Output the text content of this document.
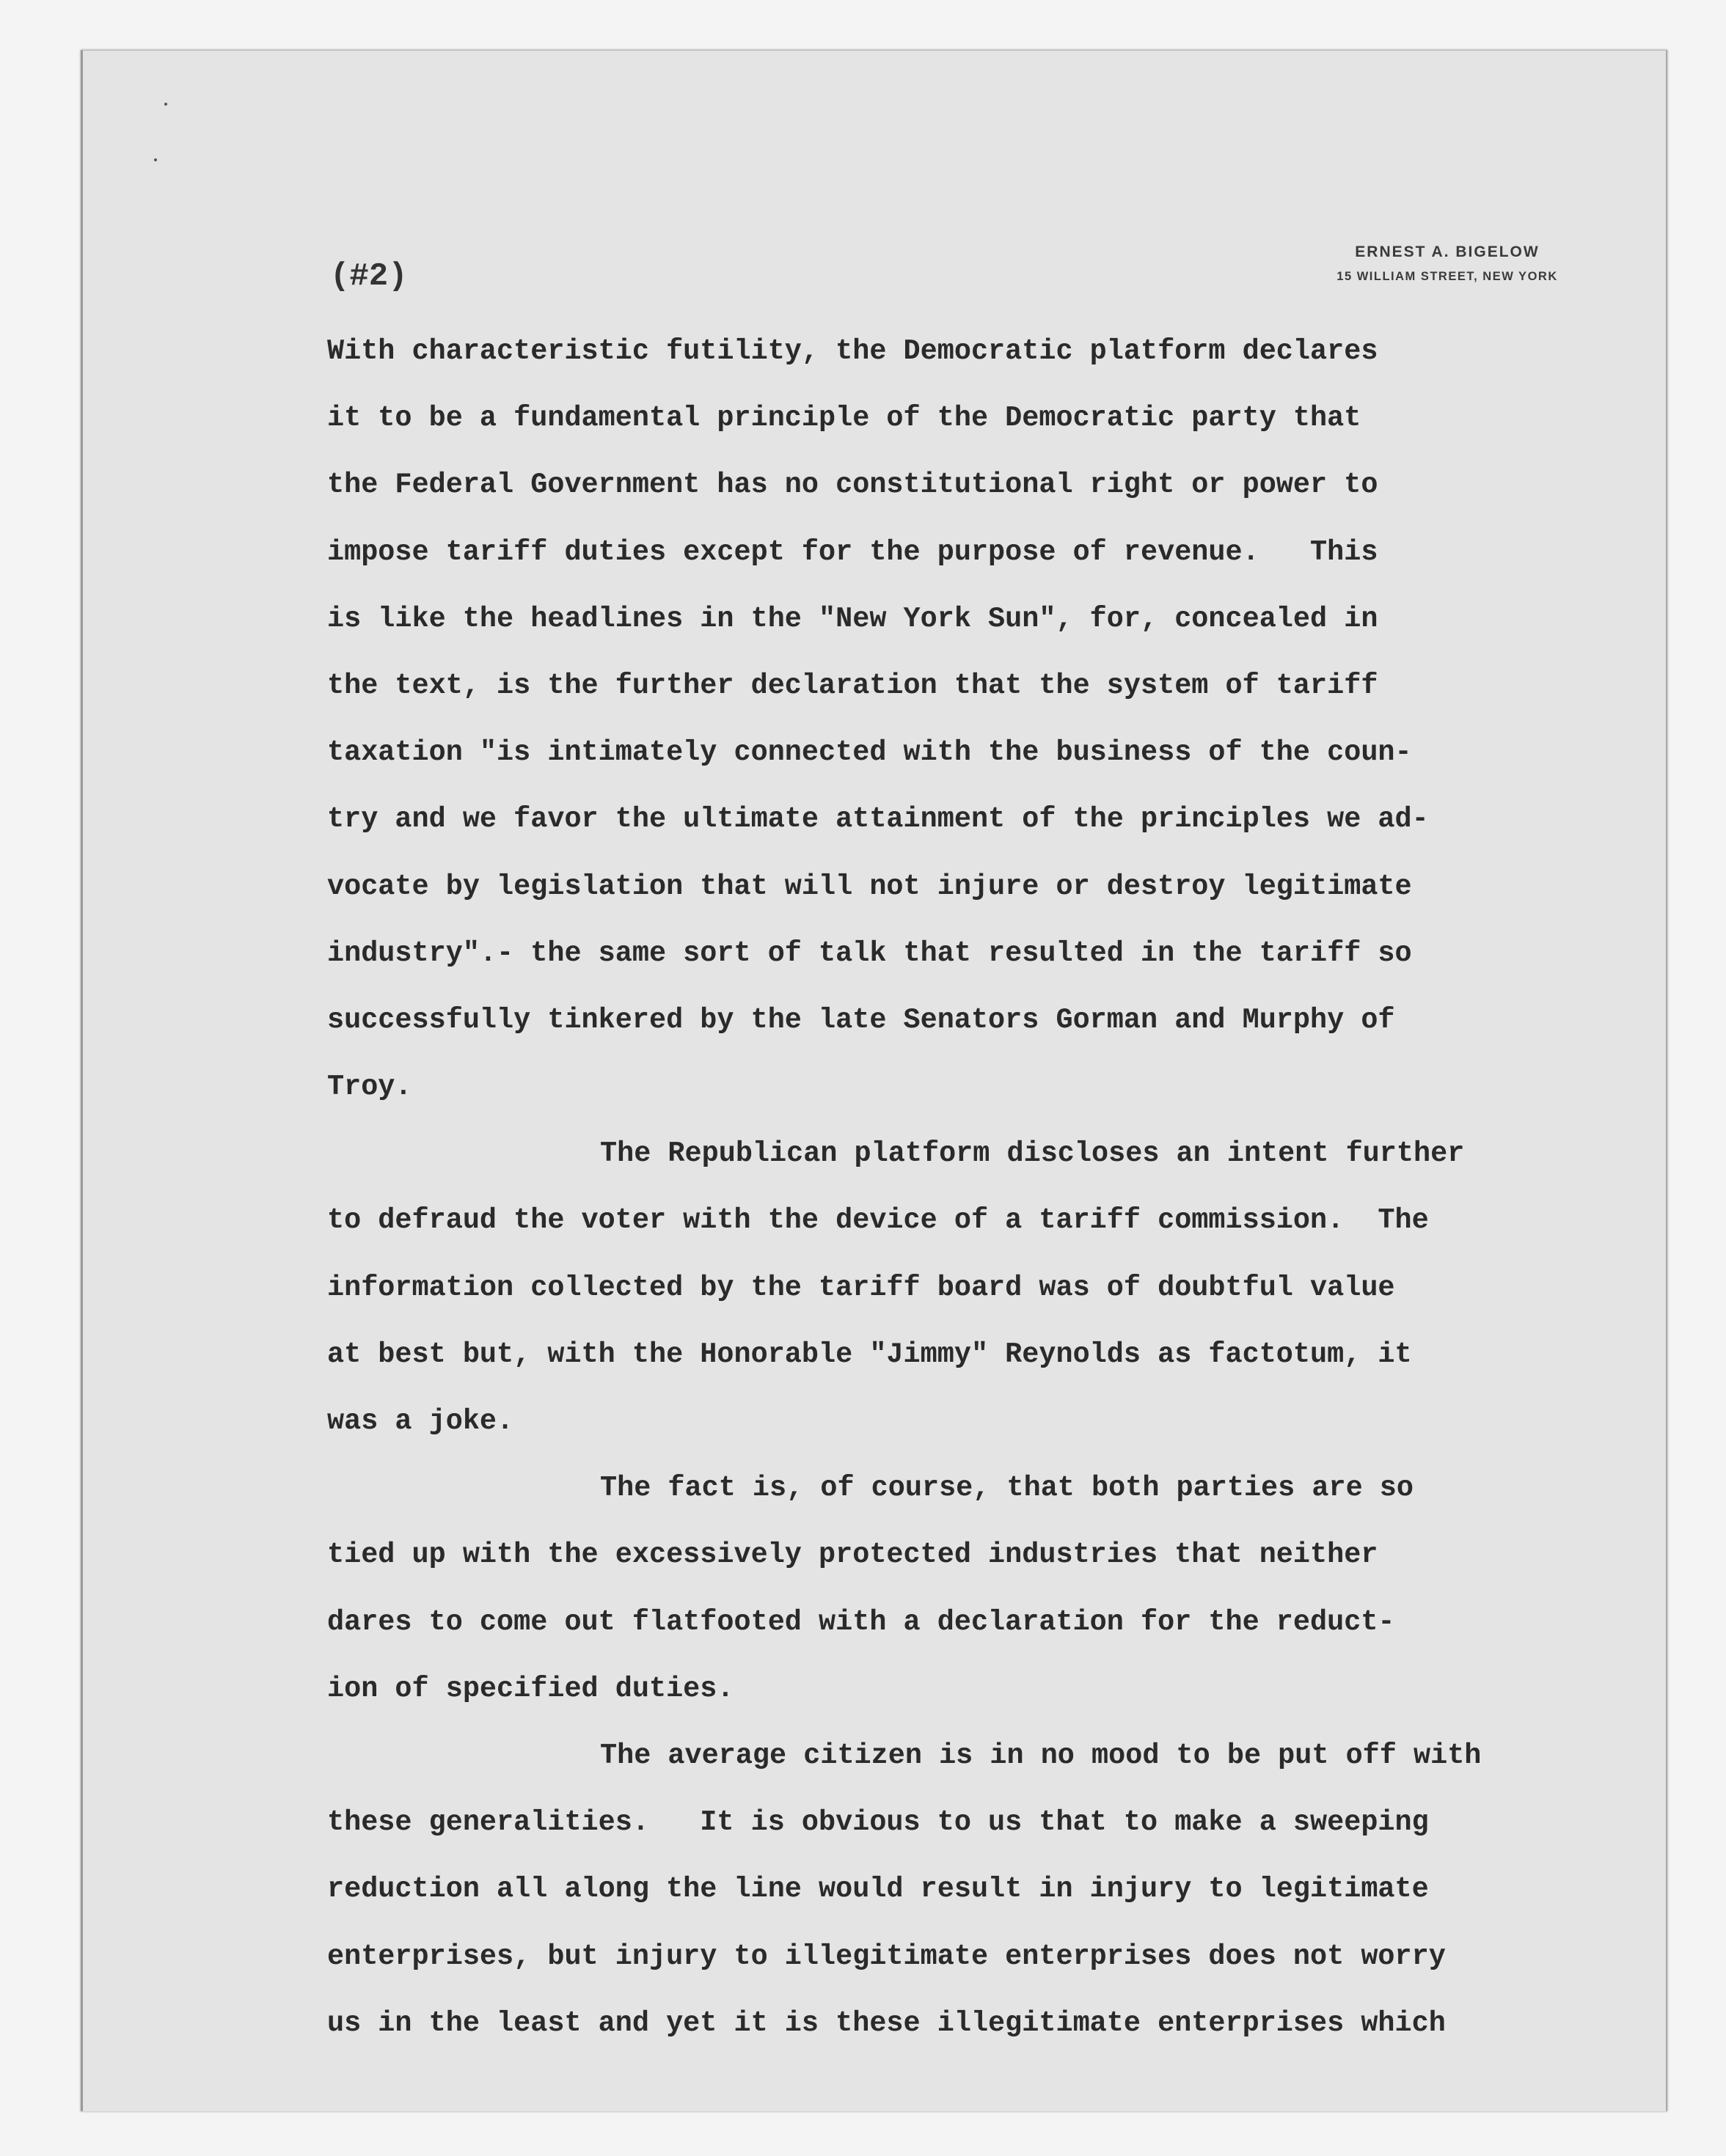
(#2)
ERNEST A. BIGELOW
15 WILLIAM STREET, NEW YORK

With characteristic futility, the Democratic platform declares

it to be a fundamental principle of the Democratic party that

the Federal Government has no constitutional right or power to

impose tariff duties except for the purpose of revenue.   This

is like the headlines in the "New York Sun", for, concealed in

the text, is the further declaration that the system of tariff

taxation "is intimately connected with the business of the coun-

try and we favor the ultimate attainment of the principles we ad-

vocate by legislation that will not injure or destroy legitimate

industry".- the same sort of talk that resulted in the tariff so

successfully tinkered by the late Senators Gorman and Murphy of

Troy.

The Republican platform discloses an intent further

to defraud the voter with the device of a tariff commission.  The

information collected by the tariff board was of doubtful value

at best but, with the Honorable "Jimmy" Reynolds as factotum, it

was a joke.

The fact is, of course, that both parties are so

tied up with the excessively protected industries that neither

dares to come out flatfooted with a declaration for the reduct-

ion of specified duties.

The average citizen is in no mood to be put off with

these generalities.   It is obvious to us that to make a sweeping

reduction all along the line would result in injury to legitimate

enterprises, but injury to illegitimate enterprises does not worry

us in the least and yet it is these illegitimate enterprises which
